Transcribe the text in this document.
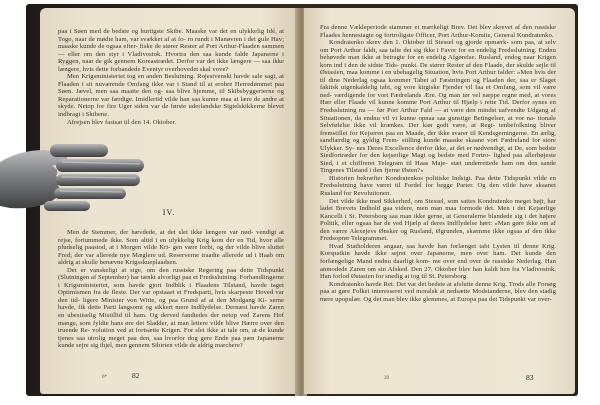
paa i Søen med de bedste og hurtigste Skibe. Maaske var det en ulykkelig Idé, at Togo, naar de mødte ham, var svækket af at fo- ro rundt i Manøvren i det gule Hav; maaske kunde de ogsaa efter- fiske de stører Rester af Port Arthur-Flaaden sammen — eller om den styr i Vladivostok. Hvortra den saa kunde falde Japanerne i Ryggen, naar de gik gennem Koreastrædet. Derfor var det ikke længere — saa ikke længere, hvis dette forbandede Eventyr overhovedet skal vove?

Men Krigsministeriet tog en anden Beslutning. Rojestvenski havde sale sagt, at Flaaden i sit nuværende Omfang ikke var i Stand til at erobre Herredømmet paa Søen. Jævel, men saa maatte den og- saa blive hjemme, til Skibsbyggerierne og Reparationerne var færdige. Imidlertid vilde han saa kunne maa at lære de andre at skyde. Netop for fire Uger siden var de første uderlandske Sigtelskikkerne blevet indbragt i Skibene.

Afrejsen blev fastsat til den 14. Oktober.

IV.

Men de Stemmer, der hævdede, at det slet ikke længere var nød- vendigt at rejse, fortummede ikke. Som altid i en ulykkelig Krig kom der en Tid, hvor alle pludselig paastod, at i Morgen vilde Kri- gen være forbi, og der vilde blive sluttet Fred; der var allerede nye Mæglere ud. Reserverne traadte allerede ud i Haab om aldrig at skulle benævne Krigsskueplaadsen.

Det er vanskeligt at sige, om den russiske Regering paa dette Tidspunkt (Slutningen af September) har tænkt alvorligt paa et Fredsslutning. Forhandlingerne i Krigsministeriet, som havde gjort Indblik i Flaadens Tilstand, havde taget Optimismen fra de fleste. Der var opstaaet et Fredsparti, hvis skarpeste Hoved var den tid- ligere Minister von Witte, og paa Grund af at den Modgang Ki- serne havde, fik dette Parti langsomt og sikkert mere Indflydelse. Dernæst havde Zaren en ubestiselig Mistillid til ham. Og derved fandtedes der netop ved Zarens Hof mange, som fyldte hans øre det Sladder, at man lettere vilde blive Hærre over den truende Re- volution ved at fortsætte Krigen. For slet ikke at tale om, at de kunde tjenes saa utrolig meget paa den, saa hvorfor dog gere Ende paa pæn Japanerne kunde sejre sig ihjel, men gennem Sibirien vilde de aldrig marchere?

6*	82

Fra denne Vækleperiode stammer et mærkeligt Brev. Det blev skrevet af den russiske Flaades hennestagte og fortroligste Officer, Port Arthur-Komite, General Kondratenko.

Kondratenko skrev den 1. Oktober til Stessel og gjorde opmærk- som paa, at selv om Port Arthur faldt, saa talte det sig ikke i Favor for en endelig Fredsslutning. Endnu behøvede man ikke at betragte for en endelig Afgørelse. Rusland, endog naar Krigen kom ind i den de sidste Tids- punkt. De stører Rester af den Flaade, der skulde sejle til Østasien, maa komme i en ubehagelig Situation, hvis Port Arthur falder: »Men hvis der til dine Nederlag ogsaa kommer Tabet af Fæstningen og Flaaden der, saa er Slaget faktisk uigenkaldelig tabt, og vore kirgiske Fjender vil faa et Omfang, som vil være ned- værdigende for vort Fædrelands Ære. Og man tør vel næppe regne med, at vores Hær eller Flaade vil kunne komme Port Arthur til Hjælp i rette Tid. Derfor synes en Fredsslutning nu — før Port Arthur Fald — at være den mindst uafvendte Udgang af Situationen, da endnu vil vi kunne opnaa saa gunstige Betingelser, at vor na- tionale Selvfølelse ikke vil krænkes. Der kan godt være, at Regi- tenbefolkning bliver fremstillet for Kejseren paa en Maade, der ikke svarer til Kendsgerningerne. En ærlig, sandfærdig og gyldig Frem- stilling kunde maaske skaane vort Fædreland for store Ulykker. Sy- nes Deres Excellence derfor ikke, at det er nødvendigt, at De, som bedste Stedfortræder for den kejserlige Magt og bedste med Fortro- lighed paa allerhøjeste Sted, i et chiffreret Telegram til Haas Maje- stæt underrettede ham om den sande Tingenes Tilstand i den fjerne Østen?«

Historien bekræfter Kondratenkos politiske Indsigt. Paa dette Tidspunkt vilde en Fredsslutning have været til Fordel for begge Parter. Og den vilde have skaanet Rusland for Revolutionen.

Det vilde ikke med Sikkerhed, om Stessel, som sattes Kondratenko meget højt, har ladet Brevets Indhold gaa videre, men man maa formode det. Men i det Kejserlige Kancelli i St. Petersborg saa man ikke gerne, at Generalerne blandede sig i det højere Politik, eller ogsaa har de ved Hjælp af deres Indflydelse hørt: »Man gøre ikke om af den værre Alexejevs Ønsker og Rusland, Øgrunden, skæmme ikke ogsaa af den ikke Fredsoprør Telegrammet.

Hvad Statholderen angaar, saa havde han forlænget tabt Lysten til denne Krig. Korspatkin havde ikke sejret over Japanerne, men over ham. Det kunde den forfængelige Mand endnu daarligt kom- me over end over de russiske Nederlag. Han anmodede Zaren om sin Afsked. Den 27. Oktober blev han kaldt hen fra Vladivostok. Han forlod Østasien for snedig at tog til St. Petersborg.

Kondratenko havde Ret. Det var det bedste at afslutte denne Krig. Trods alle Forsøg paa at gøre Folket interesseret ved moralsk at nedsætte Modstanderne, blev den stadig mere upopulær. Og det man blev ikke glemmes, at Europa paa det Tidspunkt var over-

39	83
